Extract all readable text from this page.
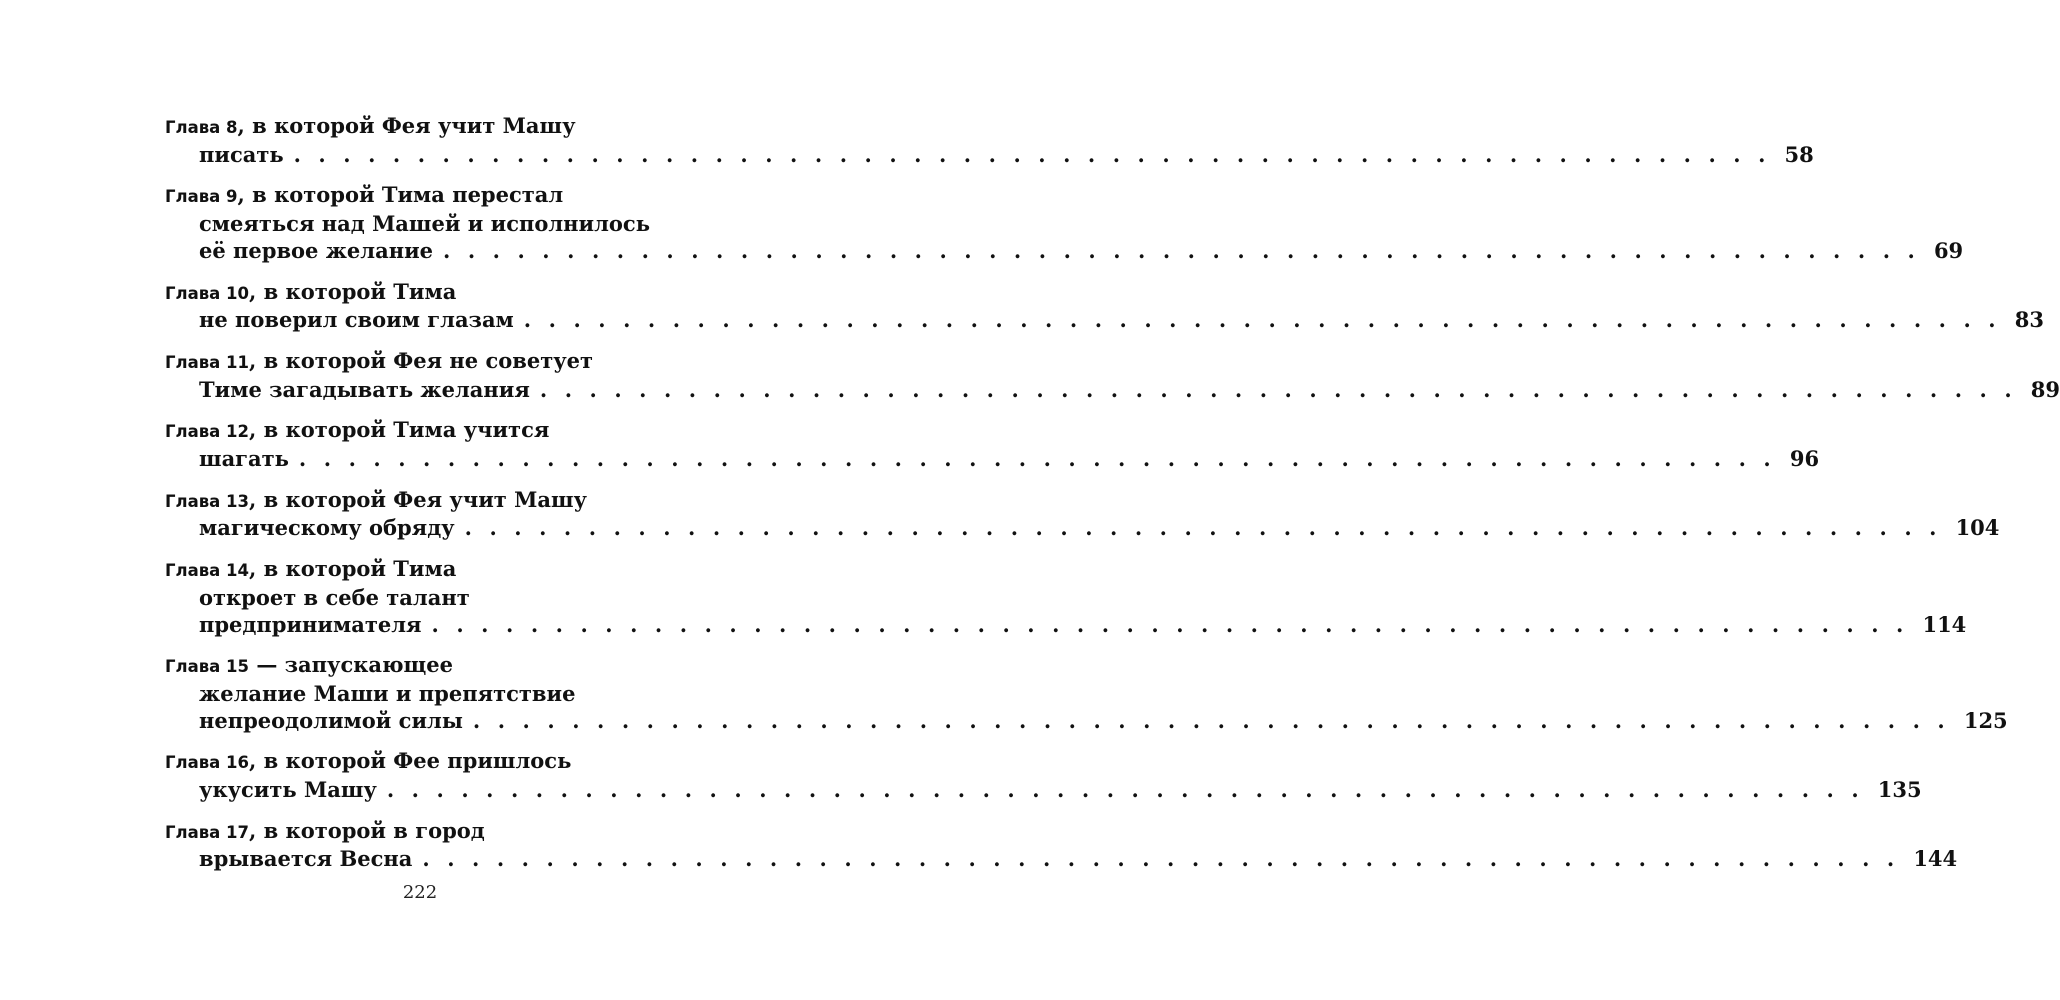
Глава 8, в которой Фея учит Машу
писать . . . . . . . . . . . . . . . . . . . . . . . . . . . . . . . . . . . . . . . . . . . . . . . . . . . . . . . . . . . . 58
Глава 9, в которой Тима перестал
смеяться над Машей и исполнилось
её первое желание . . . . . . . . . . . . . . . . . . . . . . . . . . . . . . . . . . . . . . . . . . . . . . . . . . . . . . . . . . . . 69
Глава 10, в которой Тима
не поверил своим глазам . . . . . . . . . . . . . . . . . . . . . . . . . . . . . . . . . . . . . . . . . . . . . . . . . . . . . . . . . . . . 83
Глава 11, в которой Фея не советует
Тиме загадывать желания . . . . . . . . . . . . . . . . . . . . . . . . . . . . . . . . . . . . . . . . . . . . . . . . . . . . . . . . . . . . 89
Глава 12, в которой Тима учится
шагать . . . . . . . . . . . . . . . . . . . . . . . . . . . . . . . . . . . . . . . . . . . . . . . . . . . . . . . . . . . . 96
Глава 13, в которой Фея учит Машу
магическому обряду . . . . . . . . . . . . . . . . . . . . . . . . . . . . . . . . . . . . . . . . . . . . . . . . . . . . . . . . . . . . 104
Глава 14, в которой Тима
откроет в себе талант
предпринимателя . . . . . . . . . . . . . . . . . . . . . . . . . . . . . . . . . . . . . . . . . . . . . . . . . . . . . . . . . . . . 114
Глава 15 — запускающее
желание Маши и препятствие
непреодолимой силы . . . . . . . . . . . . . . . . . . . . . . . . . . . . . . . . . . . . . . . . . . . . . . . . . . . . . . . . . . . . 125
Глава 16, в которой Фее пришлось
укусить Машу . . . . . . . . . . . . . . . . . . . . . . . . . . . . . . . . . . . . . . . . . . . . . . . . . . . . . . . . . . . . 135
Глава 17, в которой в город
врывается Весна . . . . . . . . . . . . . . . . . . . . . . . . . . . . . . . . . . . . . . . . . . . . . . . . . . . . . . . . . . . . 144
222
